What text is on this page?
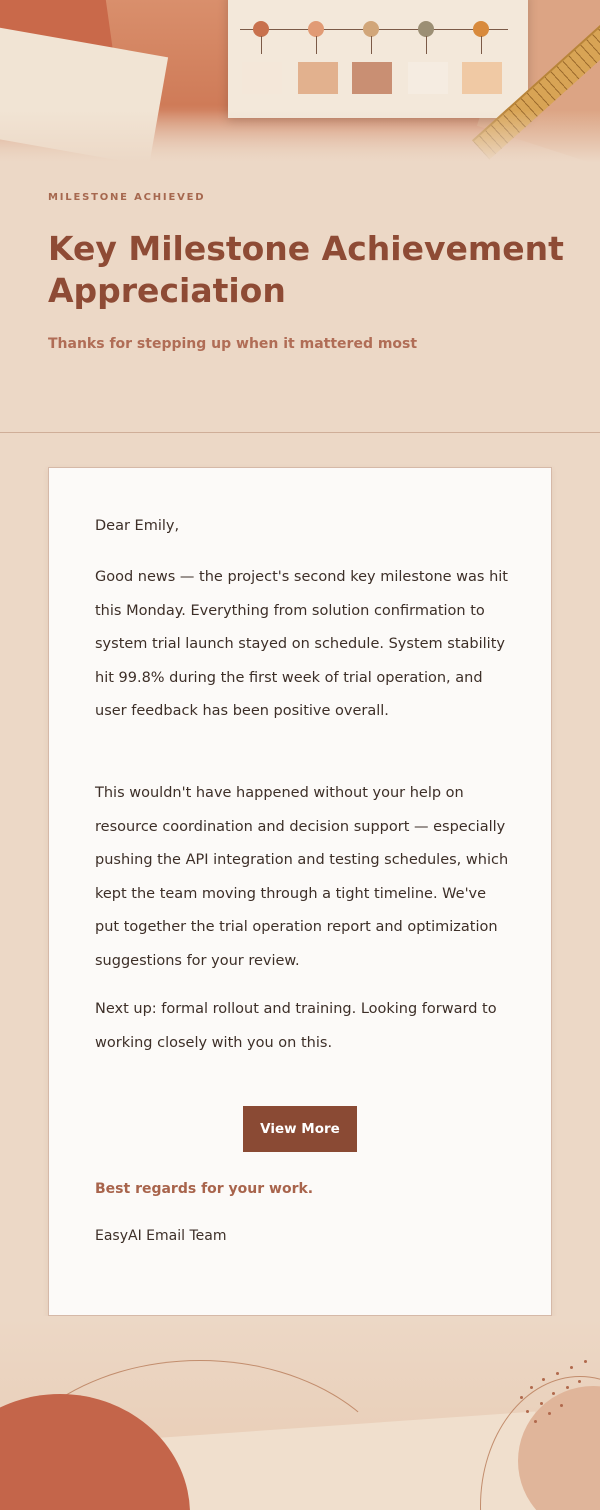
MILESTONE ACHIEVED
Key Milestone Achievement Appreciation
Thanks for stepping up when it mattered most

Dear Emily,

Good news — the project's second key milestone was hit this Monday. Everything from solution confirmation to system trial launch stayed on schedule. System stability hit 99.8% during the first week of trial operation, and user feedback has been positive overall.

This wouldn't have happened without your help on resource coordination and decision support — especially pushing the API integration and testing schedules, which kept the team moving through a tight timeline. We've put together the trial operation report and optimization suggestions for your review.

Next up: formal rollout and training. Looking forward to working closely with you on this.

View More
Best regards for your work.
EasyAI Email Team
